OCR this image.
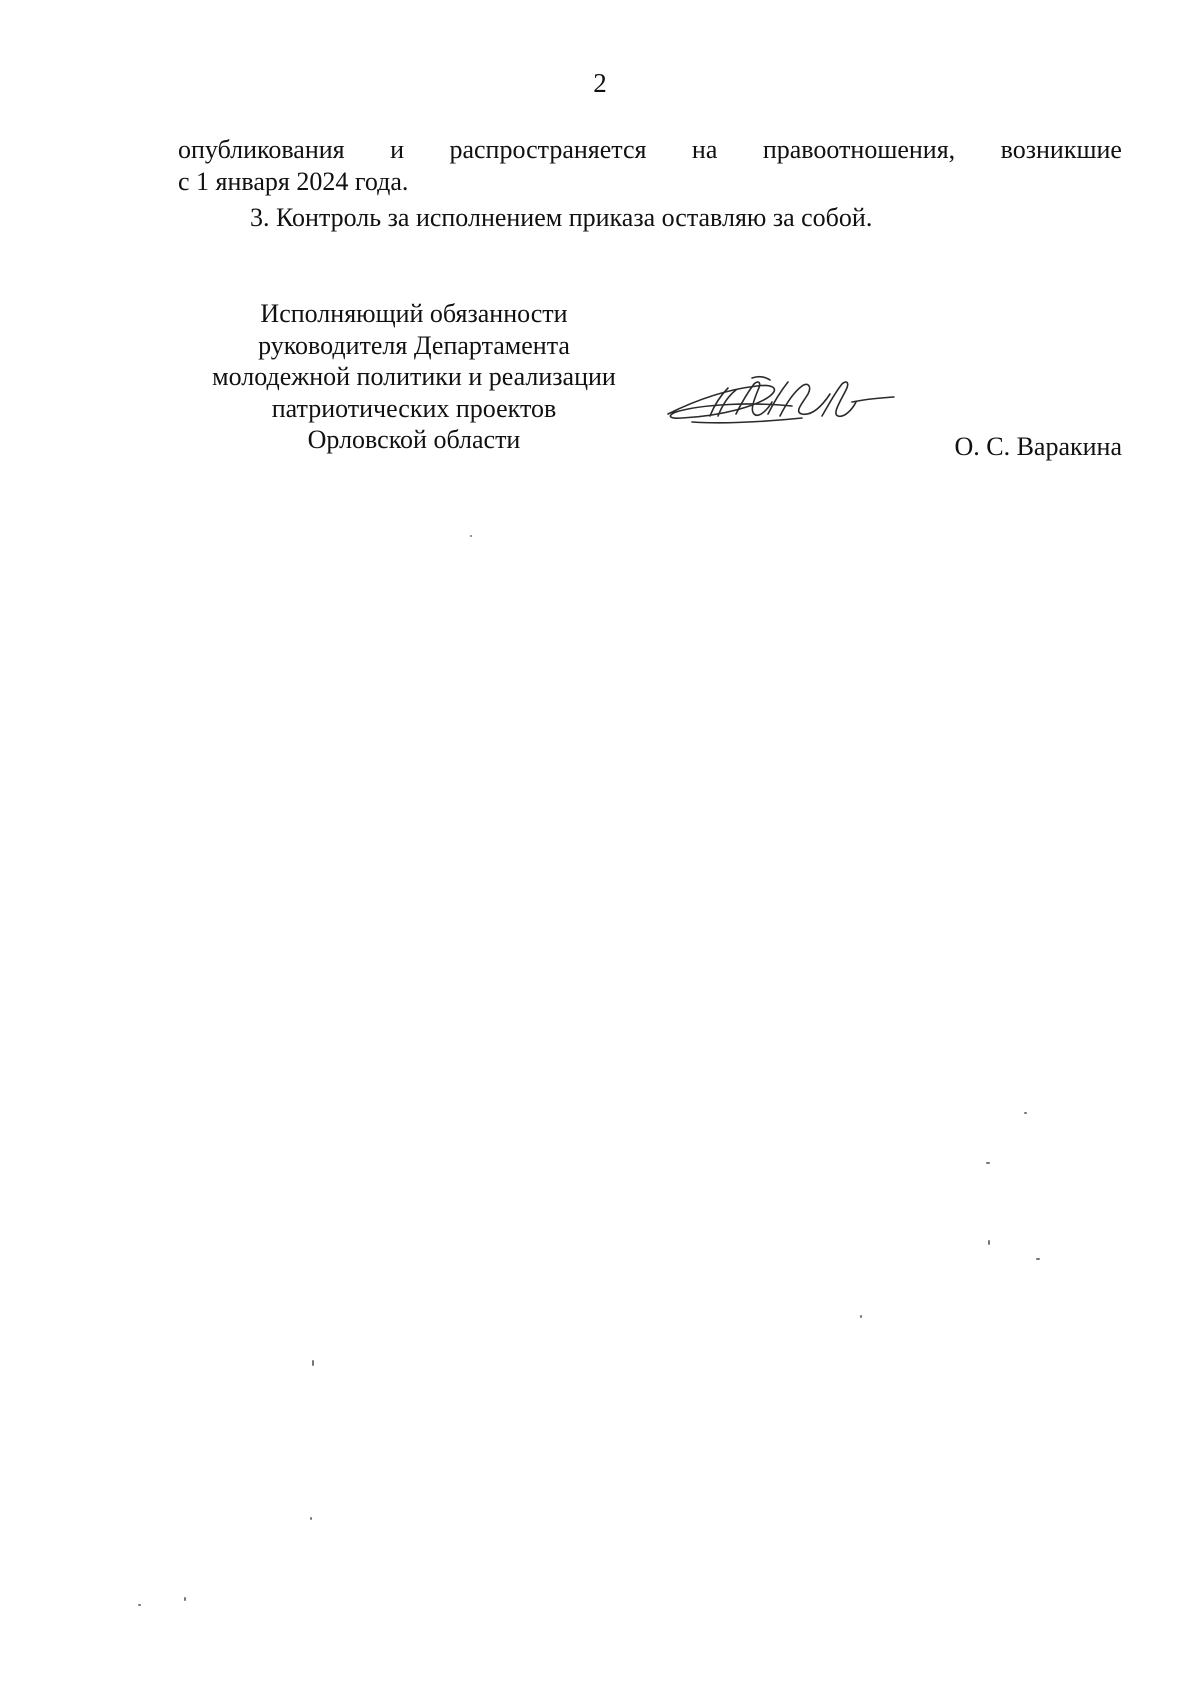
2

опубликования и распространяется на правоотношения, возникшие

с 1 января 2024 года.

3. Контроль за исполнением приказа оставляю за собой.

Исполняющий обязанности
руководителя Департамента
молодежной политики и реализации
патриотических проектов
Орловской области	О. С. Варакина
